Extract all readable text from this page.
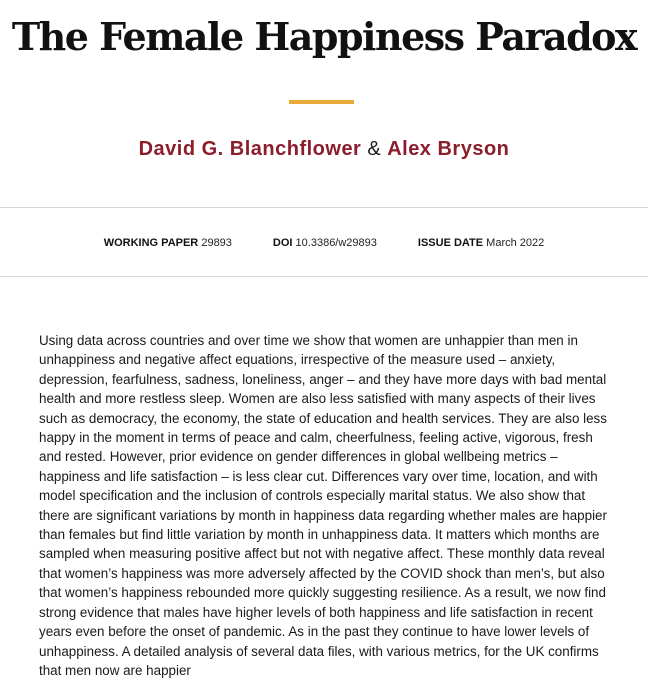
The Female Happiness Paradox
David G. Blanchflower & Alex Bryson
WORKING PAPER 29893	DOI 10.3386/w29893	ISSUE DATE March 2022

Using data across countries and over time we show that women are unhappier than men in unhappiness and negative affect equations, irrespective of the measure used – anxiety, depression, fearfulness, sadness, loneliness, anger – and they have more days with bad mental health and more restless sleep. Women are also less satisfied with many aspects of their lives such as democracy, the economy, the state of education and health services. They are also less happy in the moment in terms of peace and calm, cheerfulness, feeling active, vigorous, fresh and rested. However, prior evidence on gender differences in global wellbeing metrics – happiness and life satisfaction – is less clear cut. Differences vary over time, location, and with model specification and the inclusion of controls especially marital status. We also show that there are significant variations by month in happiness data regarding whether males are happier than females but find little variation by month in unhappiness data. It matters which months are sampled when measuring positive affect but not with negative affect. These monthly data reveal that women’s happiness was more adversely affected by the COVID shock than men’s, but also that women’s happiness rebounded more quickly suggesting resilience. As a result, we now find strong evidence that males have higher levels of both happiness and life satisfaction in recent years even before the onset of pandemic. As in the past they continue to have lower levels of unhappiness. A detailed analysis of several data files, with various metrics, for the UK confirms that men now are happier
